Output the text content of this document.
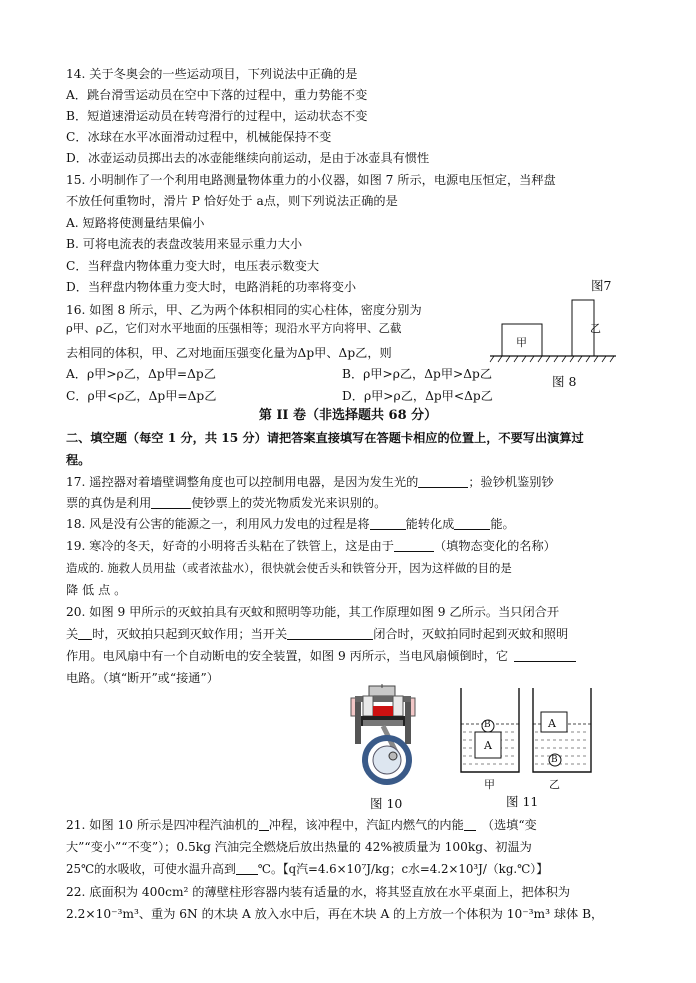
14. 关于冬奥会的一些运动项目，下列说法中正确的是
A．跳台滑雪运动员在空中下落的过程中，重力势能不变
B．短道速滑运动员在转弯滑行的过程中，运动状态不变
C．冰球在水平冰面滑动过程中，机械能保持不变
D．冰壶运动员掷出去的冰壶能继续向前运动，是由于冰壶具有惯性
15. 小明制作了一个利用电路测量物体重力的小仪器，如图 7 所示，电源电压恒定，当秤盘
不放任何重物时，滑片 P 恰好处于 a点，则下列说法正确的是
A. 短路将使测量结果偏小
B. 可将电流表的表盘改装用来显示重力大小
C．当秤盘内物体重力变大时，电压表示数变大
D．当秤盘内物体重力变大时，电路消耗的功率将变小	图7
16. 如图 8 所示，甲、乙为两个体积相同的实心柱体，密度分别为
ρ甲、ρ乙，它们对水平地面的压强相等；现沿水平方向将甲、乙截
去相同的体积，甲、乙对地面压强变化量为Δp甲、Δp乙，则
A．ρ甲>ρ乙，Δp甲=Δp乙	B．ρ甲>ρ乙，Δp甲>Δp乙
C．ρ甲<ρ乙，Δp甲=Δp乙	D．ρ甲>ρ乙，Δp甲<Δp乙
甲
乙
图 8
第 II 卷（非选择题共 68 分）
二、填空题（每空 1 分，共 15 分）请把答案直接填写在答题卡相应的位置上，不要写出演算过
程。
17. 遥控器对着墙壁调整角度也可以控制用电器，是因为发生光的	；验钞机鉴别钞
票的真伪是利用	使钞票上的荧光物质发光来识别的。
18. 风是没有公害的能源之一，利用风力发电的过程是将	能转化成	能。
19. 寒冷的冬天，好奇的小明将舌头粘在了铁管上，这是由于	（填物态变化的名称）
造成的. 施救人员用盐（或者浓盐水），很快就会使舌头和铁管分开，因为这样做的目的是
降 低 点 。
20. 如图 9 甲所示的灭蚊拍具有灭蚊和照明等功能，其工作原理如图 9 乙所示。当只闭合开
关 时，灭蚊拍只起到灭蚊作用；当开关	闭合时，灭蚊拍同时起到灭蚊和照明
作用。电风扇中有一个自动断电的安全装置，如图 9 丙所示，当电风扇倾倒时，它
电路。（填“断开”或“接通”）
图 10
A
B	A
B
甲	乙
图 11
21. 如图 10 所示是四冲程汽油机的 冲程，该冲程中，汽缸内燃气的内能 （选填“变
大”“变小”“不变”）；0.5kg 汽油完全燃烧后放出热量的 42%被质量为 100kg、初温为
25℃的水吸收，可使水温升高到 ℃。【q汽=4.6×10⁷J/kg；c水=4.2×10³J/（kg.℃）】
22. 底面积为 400cm² 的薄壁柱形容器内装有适量的水，将其竖直放在水平桌面上，把体积为
2.2×10⁻³m³、重为 6N 的木块 A 放入水中后，再在木块 A 的上方放一个体积为 10⁻³m³ 球体 B，
